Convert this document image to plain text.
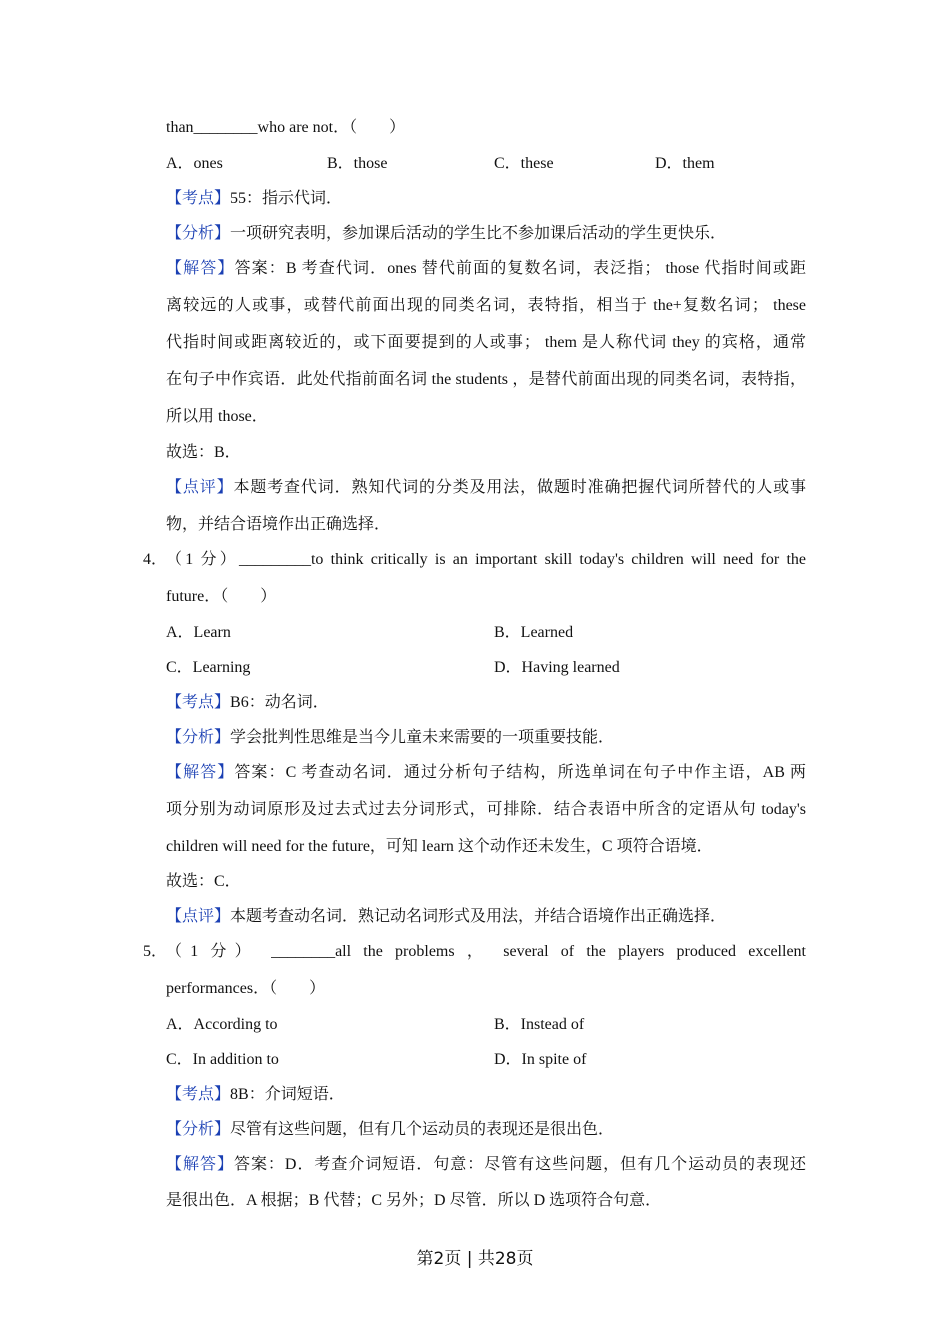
than________who are not．（　　）
A．ones	B．those	C．these	D．them
【考点】55：指示代词．
【分析】一项研究表明，参加课后活动的学生比不参加课后活动的学生更快乐．
【解答】答案：B 考查代词．ones 替代前面的复数名词，表泛指； those 代指时间或距
离较远的人或事，或替代前面出现的同类名词，表特指，相当于 the+复数名词； these
代指时间或距离较近的，或下面要提到的人或事； them 是人称代词 they 的宾格，通常
在句子中作宾语．此处代指前面名词 the students ，是替代前面出现的同类名词，表特指，
所以用 those．
故选：B．
【点评】本题考查代词．熟知代词的分类及用法，做题时准确把握代词所替代的人或事
物，并结合语境作出正确选择．
4．
（1 分）_________to think critically is an important skill today's children will need for the
future．（　　）
A．Learn	B．Learned
C．Learning	D．Having learned
【考点】B6：动名词．
【分析】学会批判性思维是当今儿童未来需要的一项重要技能．
【解答】答案：C 考查动名词．通过分析句子结构，所选单词在句子中作主语，AB 两
项分别为动词原形及过去式过去分词形式，可排除．结合表语中所含的定语从句 today's
children will need for the future，可知 learn 这个动作还未发生，C 项符合语境．
故选：C．
【点评】本题考查动名词．熟记动名词形式及用法，并结合语境作出正确选择．
5．
（1 分） ________all the problems ， several of the players produced excellent
performances．（　　）
A．According to	B．Instead of
C．In addition to	D．In spite of
【考点】8B：介词短语．
【分析】尽管有这些问题，但有几个运动员的表现还是很出色．
【解答】答案：D．考查介词短语．句意：尽管有这些问题，但有几个运动员的表现还
是很出色．A 根据；B 代替；C 另外；D 尽管．所以 D 选项符合句意．
第2页 | 共28页
